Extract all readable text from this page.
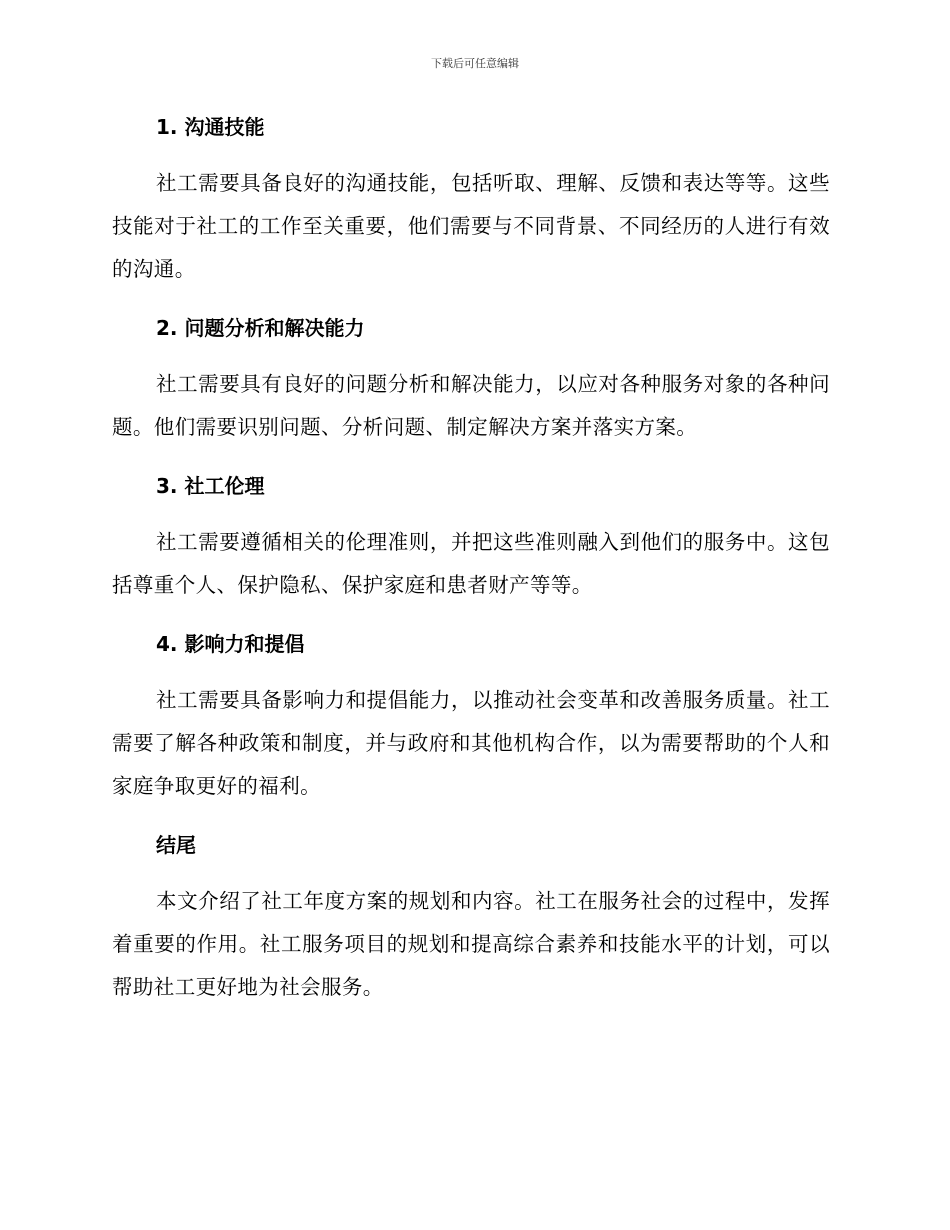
下载后可任意编辑
1. 沟通技能

社工需要具备良好的沟通技能，包括听取、理解、反馈和表达等等。这些技能对于社工的工作至关重要，他们需要与不同背景、不同经历的人进行有效的沟通。

2. 问题分析和解决能力

社工需要具有良好的问题分析和解决能力，以应对各种服务对象的各种问题。他们需要识别问题、分析问题、制定解决方案并落实方案。

3. 社工伦理

社工需要遵循相关的伦理准则，并把这些准则融入到他们的服务中。这包括尊重个人、保护隐私、保护家庭和患者财产等等。

4. 影响力和提倡

社工需要具备影响力和提倡能力，以推动社会变革和改善服务质量。社工需要了解各种政策和制度，并与政府和其他机构合作，以为需要帮助的个人和家庭争取更好的福利。

结尾

本文介绍了社工年度方案的规划和内容。社工在服务社会的过程中，发挥着重要的作用。社工服务项目的规划和提高综合素养和技能水平的计划，可以帮助社工更好地为社会服务。
